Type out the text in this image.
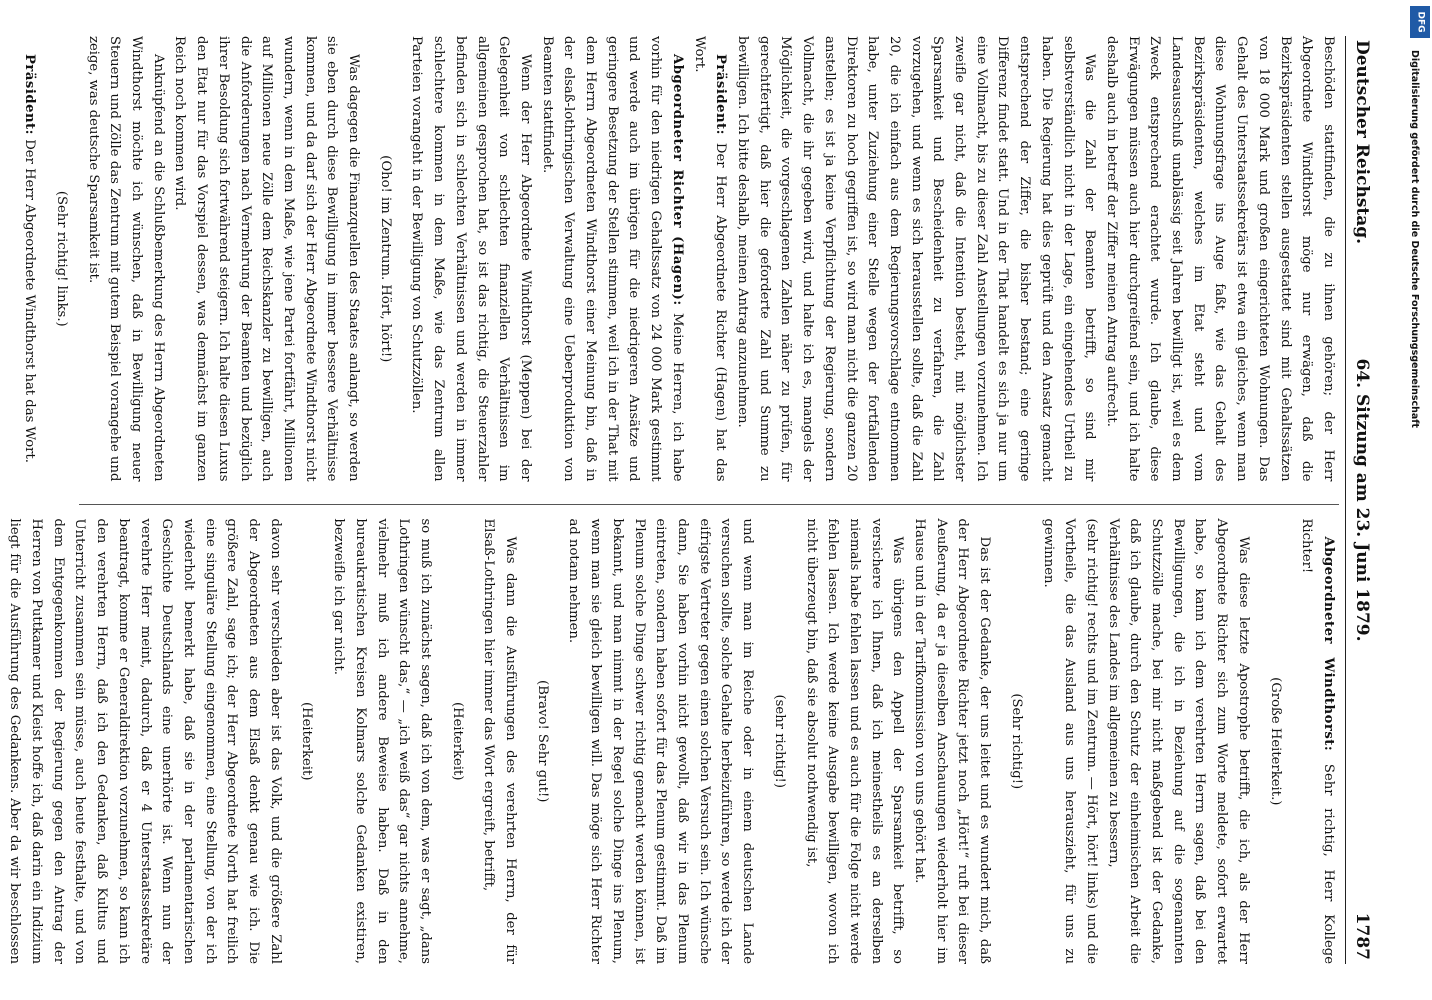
Deutscher Reichstag.
64. Sitzung am 23. Juni 1879.
1787

Beschöden stattfinden, die zu ihnen gehören; der Herr Abgeordnete Windthorst möge nur erwägen, daß die Bezirkspräsidenten stellen ausgestattet sind mit Gehaltssätzen von 18 000 Mark und großen eingerichteten Wohnungen. Das Gehalt des Unterstaatssekretärs ist etwa ein gleiches, wenn man diese Wohnungsfrage ins Auge faßt, wie das Gehalt des Bezirkspräsidenten, welches im Etat steht und vom Landesausschuß unablässig seit Jahren bewilligt ist, weil es dem Zweck entsprechend erachtet wurde. Ich glaube, diese Erwägungen müssen auch hier durchgreifend sein, und ich halte deshalb auch in betreff der Ziffer meinen Antrag aufrecht.

Was die Zahl der Beamten betrifft, so sind mir selbstverständlich nicht in der Lage, ein eingehendes Urtheil zu haben. Die Regierung hat dies geprüft und den Ansatz gemacht entsprechend der Ziffer, die bisher bestand; eine geringe Differenz findet statt. Und in der That handelt es sich ja nur um eine Vollmacht, bis zu dieser Zahl Anstellungen vorzunehmen. Ich zweifle gar nicht, daß die Intention besteht, mit möglichster Sparsamkeit und Bescheidenheit zu verfahren, die Zahl vorzugehen, und wenn es sich herausstellen sollte, daß die Zahl 20, die ich einfach aus dem Regierungsvorschlage entnommen habe, unter Zuziehung einer Stelle wegen der fortfallenden Direktoren zu hoch gegriffen ist, so wird man nicht die ganzen 20 anstellen; es ist ja keine Verpflichtung der Regierung, sondern Vollmacht, die ihr gegeben wird, und halte ich es, mangels der Möglichkeit, die vorgeschlagenen Zahlen näher zu prüfen, für gerechtfertigt, daß hier die geforderte Zahl und Summe zu bewilligen. Ich bitte deshalb, meinen Antrag anzunehmen.

Präsident: Der Herr Abgeordnete Richter (Hagen) hat das Wort.

Abgeordneter Richter (Hagen): Meine Herren, ich habe vorhin für den niedrigen Gehaltssatz von 24 000 Mark gestimmt und werde auch im übrigen für die niedrigeren Ansätze und geringere Besetzung der Stellen stimmen, weil ich in der That mit dem Herrn Abgeordneten Windthorst einer Meinung bin, daß in der elsaß-lothringischen Verwaltung eine Ueberproduktion von Beamten stattfindet.

Wenn der Herr Abgeordnete Windthorst (Meppen) bei der Gelegenheit von schlechten finanziellen Verhältnissen im allgemeinen gesprochen hat, so ist das richtig, die Steuerzahler befinden sich in schlechten Verhältnissen und werden in immer schlechtere kommen in dem Maße, wie das Zentrum allen Parteien vorangeht in der Bewilligung von Schutzzöllen.

(Oho! im Zentrum. Hört, hört!)

Was dagegen die Finanzquellen des Staates anlangt, so werden sie eben durch diese Bewilligung in immer bessere Verhältnisse kommen, und da darf sich der Herr Abgeordnete Windthorst nicht wundern, wenn in dem Maße, wie jene Partei fortfährt, Millionen auf Millionen neue Zölle dem Reichskanzler zu bewilligen, auch die Anforderungen nach Vermehrung der Beamten und bezüglich ihrer Besoldung sich fortwährend steigern. Ich halte diesen Luxus den Etat nur für das Vorspiel dessen, was demnächst im ganzen Reich noch kommen wird.

Anknüpfend an die Schlußbemerkung des Herrn Abgeordneten Windthorst möchte ich wünschen, daß in Bewilligung neuer Steuern und Zölle das Zentrum mit gutem Beispiel vorangehe und zeige, was deutsche Sparsamkeit ist.

(Sehr richtig! links.)

Präsident: Der Herr Abgeordnete Windthorst hat das Wort.

Abgeordneter Windthorst: Sehr richtig, Herr Kollege Richter!

(Große Heiterkeit.)

Was diese letzte Apostrophe betrifft, die ich, als der Herr Abgeordnete Richter sich zum Worte meldete, sofort erwartet habe, so kann ich dem verehrten Herrn sagen, daß bei den Bewilligungen, die ich in Beziehung auf die sogenannten Schutzzölle mache, bei mir nicht maßgebend ist der Gedanke, daß ich glaube, durch den Schutz der einheimischen Arbeit die Verhältnisse des Landes im allgemeinen zu bessern,

(sehr richtig! rechts und im Zentrum. — Hört, hört! links) und die Vortheile, die das Ausland aus uns herauszieht, für uns zu gewinnen.

(Sehr richtig!)

Das ist der Gedanke, der uns leitet und es wundert mich, daß der Herr Abgeordnete Richter jetzt noch „Hört!“ ruft bei dieser Aeußerung, da er ja dieselben Anschauungen wiederholt hier im Hause und in der Tarifkommission von uns gehört hat.

Was übrigens den Appell der Sparsamkeit betrifft, so versichere ich Ihnen, daß ich meinestheils es an derselben niemals habe fehlen lassen und es auch für die Folge nicht werde fehlen lassen. Ich werde keine Ausgabe bewilligen, wovon ich nicht überzeugt bin, daß sie absolut nothwendig ist,

(sehr richtig!)

und wenn man im Reiche oder in einem deutschen Lande versuchen sollte, solche Gehalte herbeizuführen, so werde ich der eifrigste Vertreter gegen einen solchen Versuch sein. Ich wünsche dann, Sie haben vorhin nicht gewollt, daß wir in das Plenum eintreten, sondern haben sofort für das Plenum gestimmt. Daß im Plenum solche Dinge schwer richtig gemacht werden können, ist bekannt, und man nimmt in der Regel solche Dinge ins Plenum, wenn man sie gleich bewilligen will. Das möge sich Herr Richter ad notam nehmen.

(Bravo! Sehr gut!)

Was dann die Ausführungen des verehrten Herrn, der für Elsaß-Lothringen hier immer das Wort ergreift, betrifft,

(Heiterkeit)

so muß ich zunächst sagen, daß ich von dem, was er sagt, „dans Lothringen wünscht das,“ — „ich weiß das“ gar nichts annehme, vielmehr muß ich andere Beweise haben. Daß in den bureaukratischen Kreisen Kolmars solche Gedanken existiren, bezweifle ich gar nicht.

(Heiterkeit)

davon sehr verschieden aber ist das Volk, und die größere Zahl der Abgeordneten aus dem Elsaß denkt genau wie ich. Die größere Zahl, sage ich; der Herr Abgeordnete North hat freilich eine singuläre Stellung eingenommen, eine Stellung, von der ich wiederholt bemerkt habe, daß sie in der parlamentarischen Geschichte Deutschlands eine unerhörte ist. Wenn nun der verehrte Herr meint, dadurch, daß er 4 Unterstaatssekretäre beantragt, komme er Generaldirektion vorzunehmen, so kann ich den verehrten Herrn, daß ich den Gedanken, daß Kultus und Unterricht zusammen sein müsse, auch heute festhalte, und von dem Entgegenkommen der Regierung gegen den Antrag der Herren von Puttkamer und Kleist hoffe ich, daß darin ein Indizium liegt für die Ausführung des Gedankens. Aber da wir beschlossen

DFG
Digitalisierung gefördert durch die Deutsche Forschungsgemeinschaft
